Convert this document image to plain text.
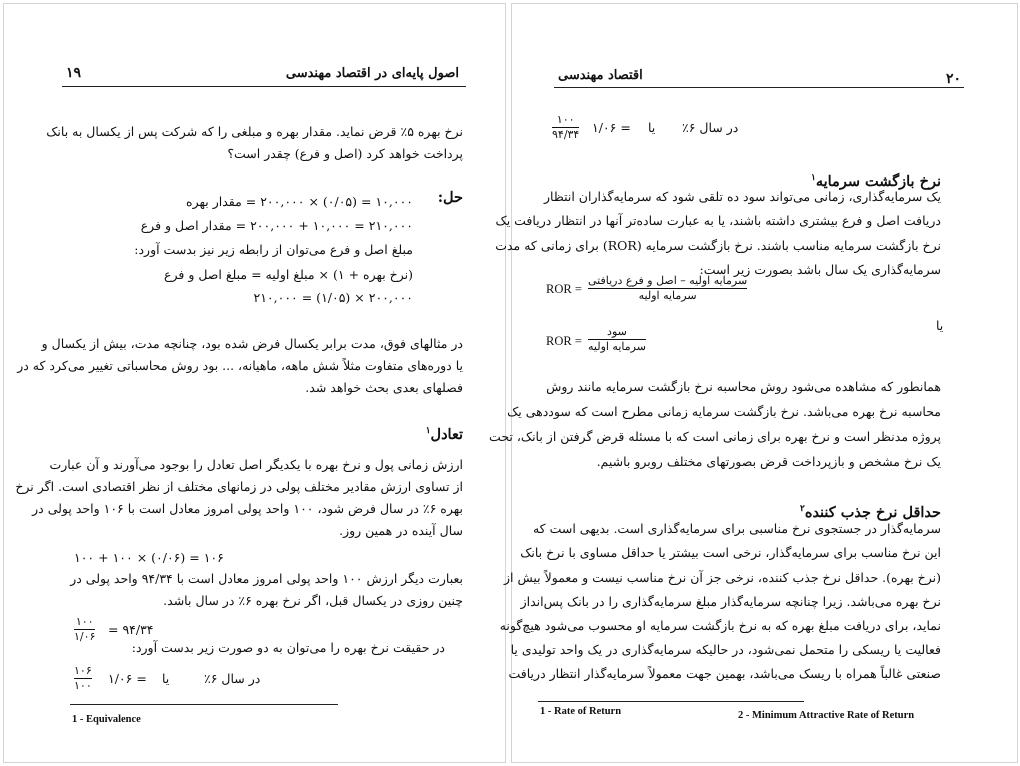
۱۹	اصول پایه‌ای در اقتصاد مهندسی
نرخ بهره ۵٪ قرض نماید. مقدار بهره و مبلغی را که شرکت پس از یکسال به بانک
پرداخت خواهد کرد (اصل و فرع) چقدر است؟
حل:
۱۰,۰۰۰ = (۰/۰۵) × ۲۰۰,۰۰۰ = مقدار بهره
۲۱۰,۰۰۰ = ۱۰,۰۰۰ + ۲۰۰,۰۰۰ = مقدار اصل و فرع
مبلغ اصل و فرع می‌توان از رابطه زیر نیز بدست آورد:
(نرخ بهره + ۱) × مبلغ اولیه = مبلغ اصل و فرع
۲۰۰,۰۰۰ × (۱/۰۵) = ۲۱۰,۰۰۰
در مثالهای فوق، مدت برابر یکسال فرض شده بود، چنانچه مدت، بیش از یکسال و
یا دوره‌های متفاوت مثلاً شش ماهه، ماهیانه، ... بود روش محاسباتی تغییر می‌کرد که در
فصلهای بعدی بحث خواهد شد.
تعادل$^۱$
ارزش زمانی پول و نرخ بهره با یکدیگر اصل تعادل را بوجود می‌آورند و آن عبارت
از تساوی ارزش مقادیر مختلف پولی در زمانهای مختلف از نظر اقتصادی است. اگر نرخ
بهره ۶٪ در سال فرض شود، ۱۰۰ واحد پولی امروز معادل است با ۱۰۶ واحد پولی در
سال آینده در همین روز.
۱۰۶ = (۰/۰۶) × ۱۰۰ + ۱۰۰
بعبارت دیگر ارزش ۱۰۰ واحد پولی امروز معادل است با ۹۴/۳۴ واحد پولی در
چنین روزی در یکسال قبل، اگر نرخ بهره ۶٪ در سال باشد.
۱۰۰
۱/۰۶ = ۹۴/۳۴
در حقیقت نرخ بهره را می‌توان به دو صورت زیر بدست آورد:
۱۰۶
۱۰۰ ۱/۰۶ = یا	در سال ۶٪
1 - Equivalence
۲۰
اقتصاد مهندسی
۱۰۰
۹۴/۳۴ ۱/۰۶ = یا در سال ۶٪
نرخ بازگشت سرمایه$^۱$
یک سرمایه‌گذاری، زمانی می‌تواند سود ده تلقی شود که سرمایه‌گذاران انتظار
دریافت اصل و فرع بیشتری داشته باشند، یا به عبارت ساده‌تر آنها در انتظار دریافت یک
نرخ بازگشت سرمایه مناسب باشند. نرخ بازگشت سرمایه (ROR) برای زمانی که مدت
سرمایه‌گذاری یک سال باشد بصورت زیر است:
ROR =
سرمایه اولیه – اصل و فرع دریافتی
سرمایه اولیه
یا
ROR =
سود
سرمایه اولیه
همانطور که مشاهده می‌شود روش محاسبه نرخ بازگشت سرمایه مانند روش
محاسبه نرخ بهره می‌باشد. نرخ بازگشت سرمایه زمانی مطرح است که سوددهی یک
پروژه مدنظر است و نرخ بهره برای زمانی است که با مسئله قرض گرفتن از بانک، تحت
یک نرخ مشخص و بازپرداخت قرض بصورتهای مختلف روبرو باشیم.
حداقل نرخ جذب کننده$^۲$
سرمایه‌گذار در جستجوی نرخ مناسبی برای سرمایه‌گذاری است. بدیهی است که
این نرخ مناسب برای سرمایه‌گذار، نرخی است بیشتر یا حداقل مساوی با نرخ بانک
(نرخ بهره). حداقل نرخ جذب کننده، نرخی جز آن نرخ مناسب نیست و معمولاً بیش از
نرخ بهره می‌باشد. زیرا چنانچه سرمایه‌گذار مبلغ سرمایه‌گذاری را در بانک پس‌انداز
نماید، برای دریافت مبلغ بهره که به نرخ بازگشت سرمایه او محسوب می‌شود هیچ‌گونه
فعالیت یا ریسکی را متحمل نمی‌شود، در حالیکه سرمایه‌گذاری در یک واحد تولیدی یا
صنعتی غالباً همراه با ریسک می‌باشد، بهمین جهت معمولاً سرمایه‌گذار انتظار دریافت
1 - Rate of Return	2 - Minimum Attractive Rate of Return
